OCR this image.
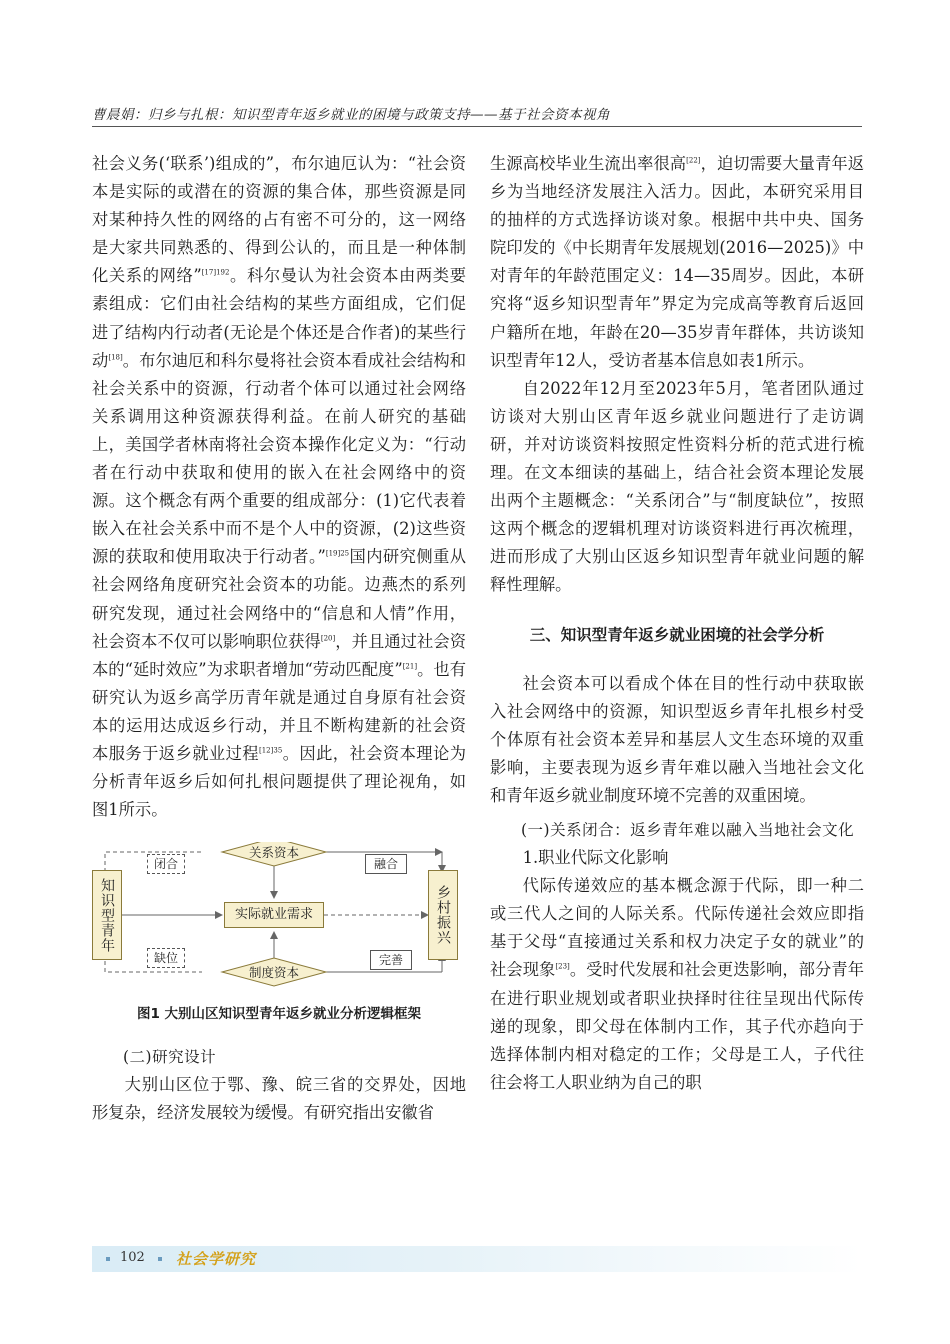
曹晨娟：归乡与扎根：知识型青年返乡就业的困境与政策支持——基于社会资本视角

社会义务(‘联系’)组成的”，布尔迪厄认为：“社会资本是实际的或潜在的资源的集合体，那些资源是同对某种持久性的网络的占有密不可分的，这一网络是大家共同熟悉的、得到公认的，而且是一种体制化关系的网络”$^{[17]192}$。科尔曼认为社会资本由两类要素组成：它们由社会结构的某些方面组成，它们促进了结构内行动者(无论是个体还是合作者)的某些行动[18]。布尔迪厄和科尔曼将社会资本看成社会结构和社会关系中的资源，行动者个体可以通过社会网络关系调用这种资源获得利益。在前人研究的基础上，美国学者林南将社会资本操作化定义为：“行动者在行动中获取和使用的嵌入在社会网络中的资源。这个概念有两个重要的组成部分：(1)它代表着嵌入在社会关系中而不是个人中的资源，(2)这些资源的获取和使用取决于行动者。”$^{[19]25}$国内研究侧重从社会网络角度研究社会资本的功能。边燕杰的系列研究发现，通过社会网络中的“信息和人情”作用，社会资本不仅可以影响职位获得[20]，并且通过社会资本的“延时效应”为求职者增加“劳动匹配度”[21]。也有研究认为返乡高学历青年就是通过自身原有社会资本的运用达成返乡行动，并且不断构建新的社会资本服务于返乡就业过程$^{[12]35}$。因此，社会资本理论为分析青年返乡后如何扎根问题提供了理论视角，如图1所示。

知识型青年	乡村振兴
实际就业需求
关系资本
制度资本
闭合	融合
缺位	完善
图1 大别山区知识型青年返乡就业分析逻辑框架

(二)研究设计

大别山区位于鄂、豫、皖三省的交界处，因地形复杂，经济发展较为缓慢。有研究指出安徽省

生源高校毕业生流出率很高[22]，迫切需要大量青年返乡为当地经济发展注入活力。因此，本研究采用目的抽样的方式选择访谈对象。根据中共中央、国务院印发的《中长期青年发展规划(2016—2025)》中对青年的年龄范围定义：14—35周岁。因此，本研究将“返乡知识型青年”界定为完成高等教育后返回户籍所在地，年龄在20—35岁青年群体，共访谈知识型青年12人，受访者基本信息如表1所示。

自2022年12月至2023年5月，笔者团队通过访谈对大别山区青年返乡就业问题进行了走访调研，并对访谈资料按照定性资料分析的范式进行梳理。在文本细读的基础上，结合社会资本理论发展出两个主题概念：“关系闭合”与“制度缺位”，按照这两个概念的逻辑机理对访谈资料进行再次梳理，进而形成了大别山区返乡知识型青年就业问题的解释性理解。

三、知识型青年返乡就业困境的社会学分析

社会资本可以看成个体在目的性行动中获取嵌入社会网络中的资源，知识型返乡青年扎根乡村受个体原有社会资本差异和基层人文生态环境的双重影响，主要表现为返乡青年难以融入当地社会文化和青年返乡就业制度环境不完善的双重困境。

(一)关系闭合：返乡青年难以融入当地社会文化

1.职业代际文化影响

代际传递效应的基本概念源于代际，即一种二或三代人之间的人际关系。代际传递社会效应即指基于父母“直接通过关系和权力决定子女的就业”的社会现象[23]。受时代发展和社会更迭影响，部分青年在进行职业规划或者职业抉择时往往呈现出代际传递的现象，即父母在体制内工作，其子代亦趋向于选择体制内相对稳定的工作；父母是工人，子代往往会将工人职业纳为自己的职

102 社会学研究
